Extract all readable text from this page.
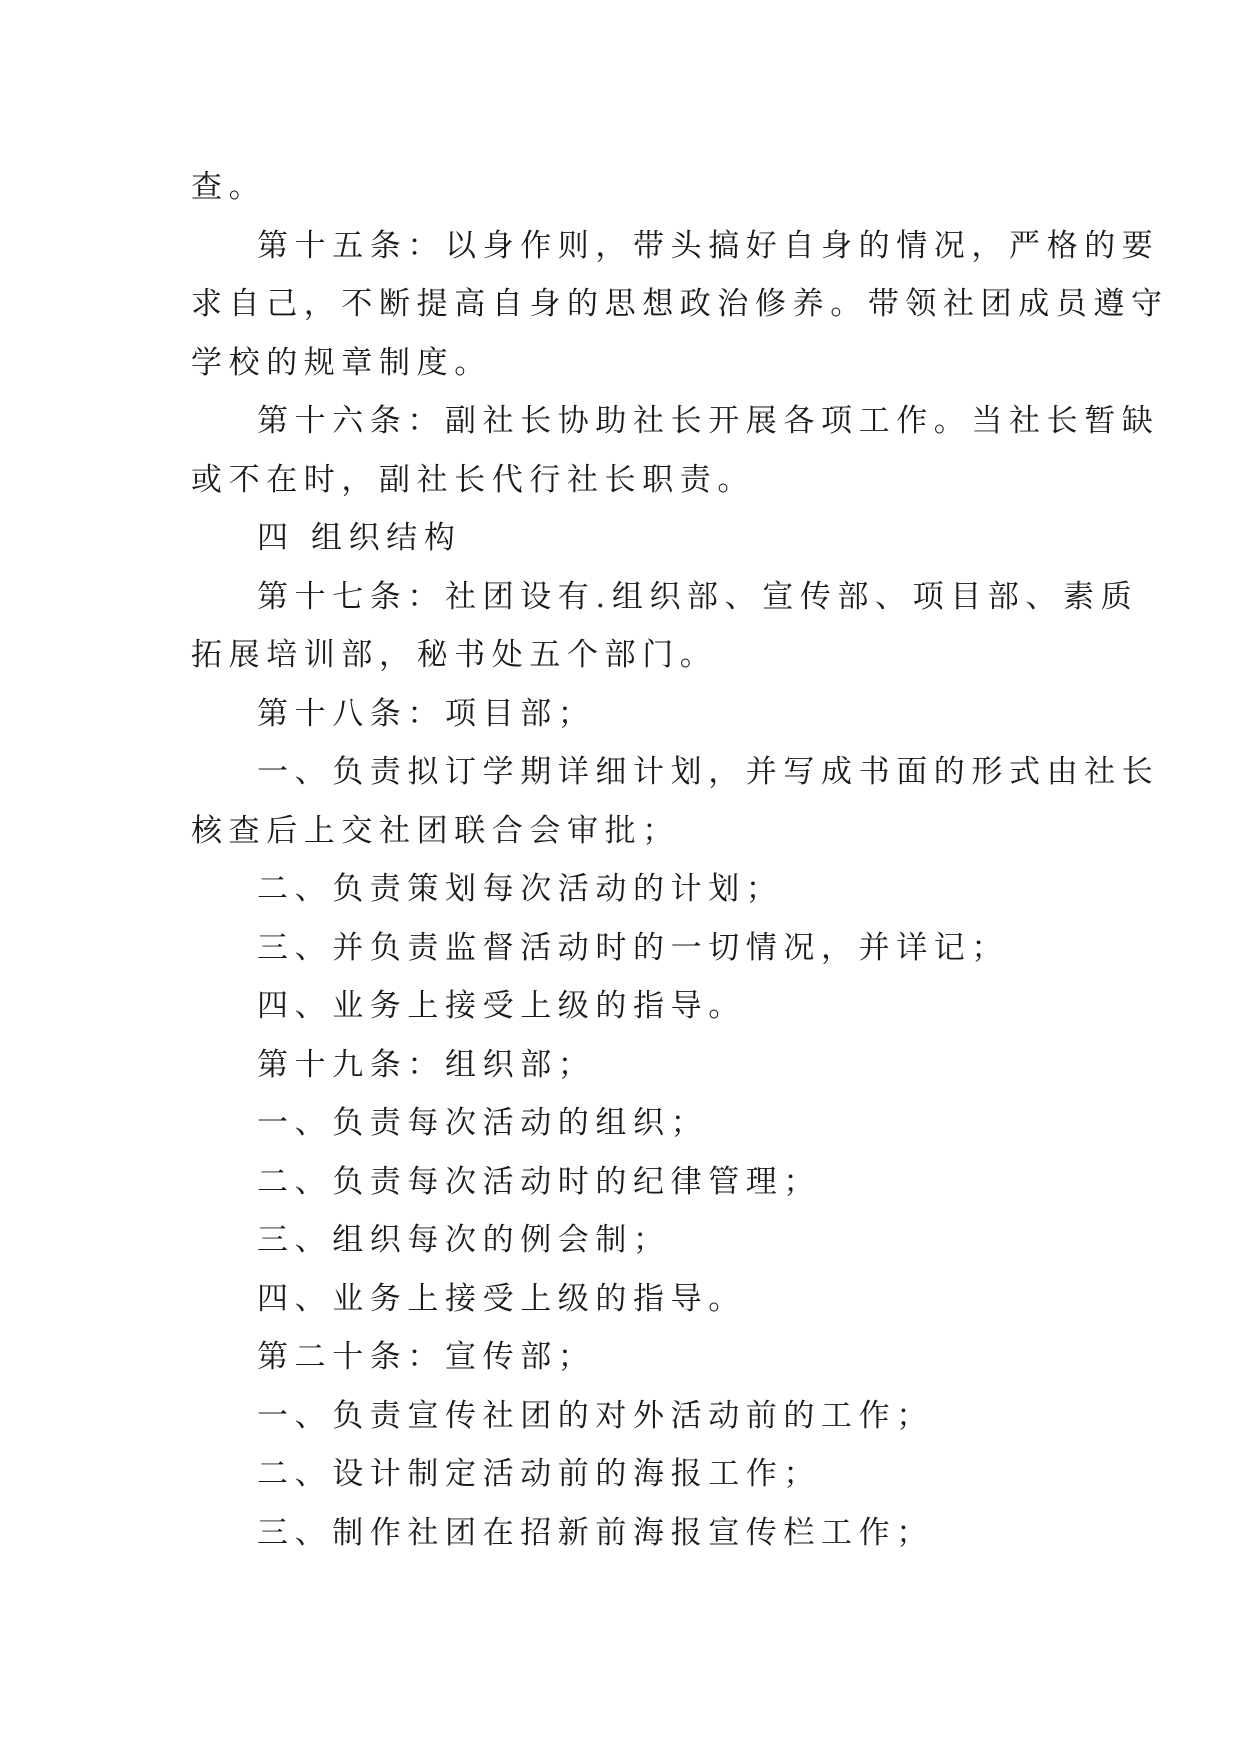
查。
第十五条：以身作则，带头搞好自身的情况，严格的要
求自己，不断提高自身的思想政治修养。带领社团成员遵守
学校的规章制度。
第十六条：副社长协助社长开展各项工作。当社长暂缺
或不在时，副社长代行社长职责。
四 组织结构
第十七条：社团设有.组织部、宣传部、项目部、素质
拓展培训部，秘书处五个部门。
第十八条：项目部；
一、负责拟订学期详细计划，并写成书面的形式由社长
核查后上交社团联合会审批；
二、负责策划每次活动的计划；
三、并负责监督活动时的一切情况，并详记；
四、业务上接受上级的指导。
第十九条：组织部；
一、负责每次活动的组织；
二、负责每次活动时的纪律管理；
三、组织每次的例会制；
四、业务上接受上级的指导。
第二十条：宣传部；
一、负责宣传社团的对外活动前的工作；
二、设计制定活动前的海报工作；
三、制作社团在招新前海报宣传栏工作；
